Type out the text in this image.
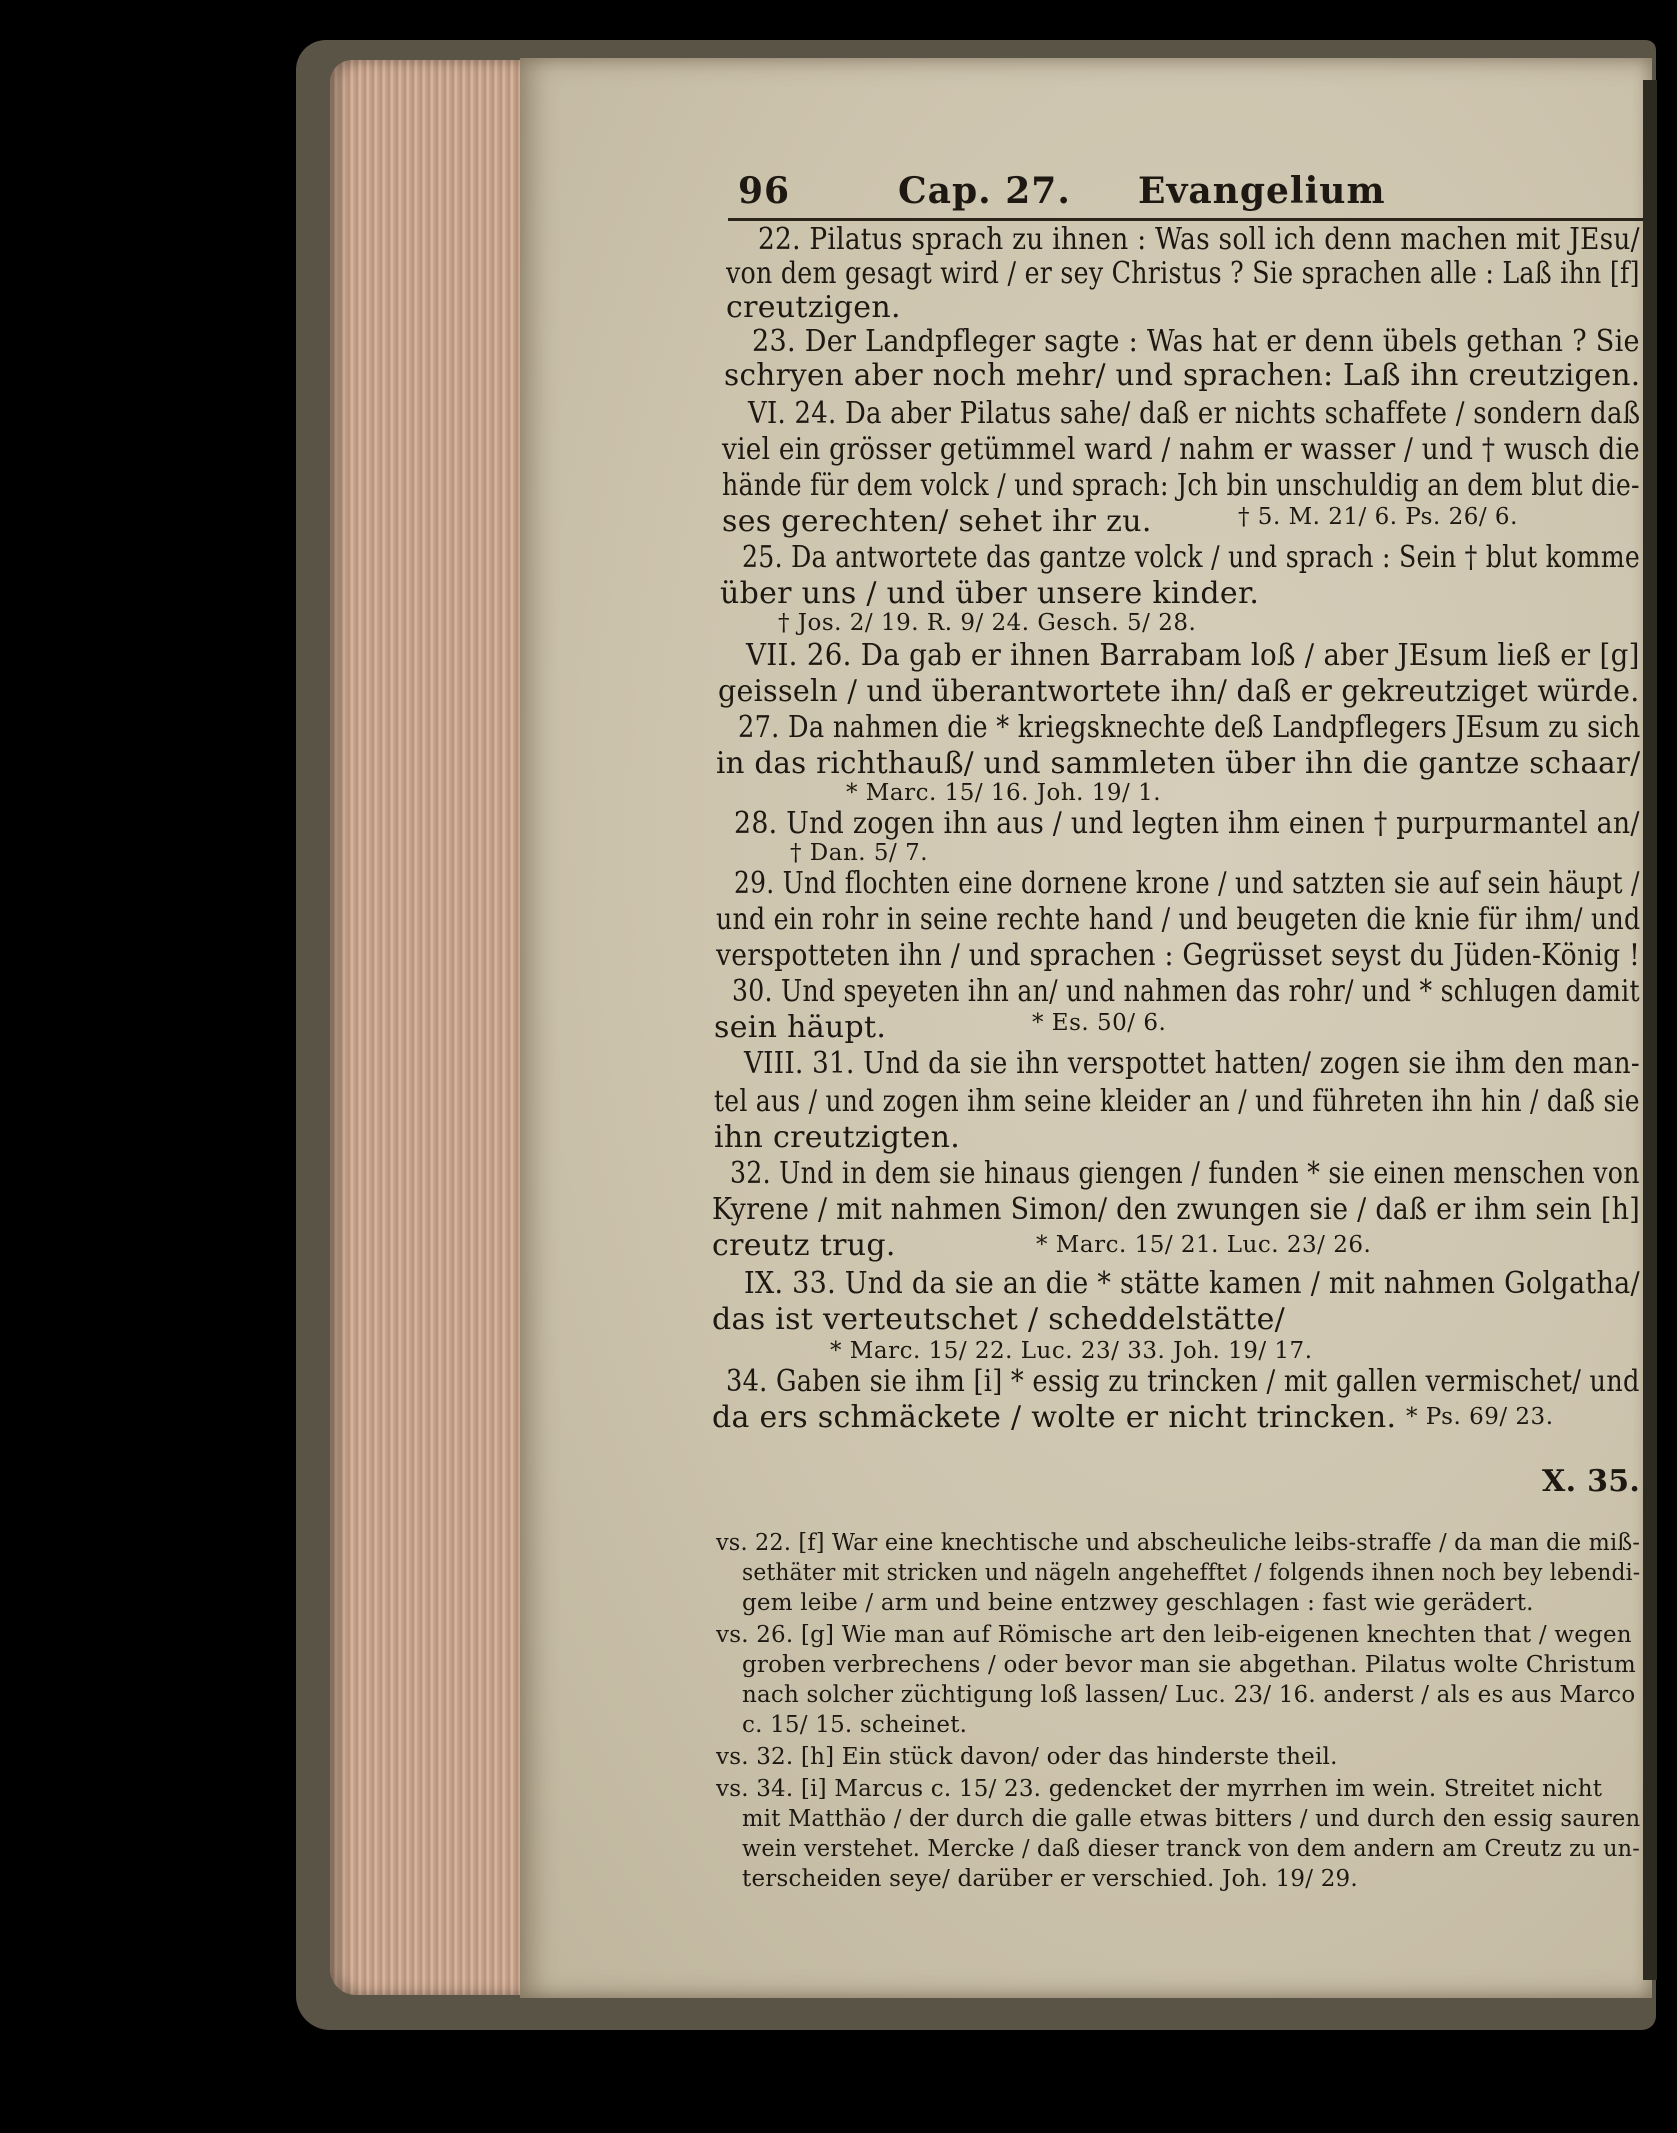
96	Cap. 27. Evangelium
22. Pilatus sprach zu ihnen : Was soll ich denn machen mit JEsu/
von dem gesagt wird / er sey Christus ? Sie sprachen alle : Laß ihn [f]
creutzigen.
23. Der Landpfleger sagte : Was hat er denn übels gethan ? Sie
schryen aber noch mehr/ und sprachen: Laß ihn creutzigen.
VI. 24. Da aber Pilatus sahe/ daß er nichts schaffete / sondern daß
viel ein grösser getümmel ward / nahm er wasser / und † wusch die
hände für dem volck / und sprach: Jch bin unschuldig an dem blut die-
ses gerechten/ sehet ihr zu.	† 5. M. 21/ 6. Ps. 26/ 6.
25. Da antwortete das gantze volck / und sprach : Sein † blut komme
über uns / und über unsere kinder.
† Jos. 2/ 19. R. 9/ 24. Gesch. 5/ 28.
VII. 26. Da gab er ihnen Barrabam loß / aber JEsum ließ er [g]
geisseln / und überantwortete ihn/ daß er gekreutziget würde.
27. Da nahmen die * kriegsknechte deß Landpflegers JEsum zu sich
in das richthauß/ und sammleten über ihn die gantze schaar/
* Marc. 15/ 16. Joh. 19/ 1.
28. Und zogen ihn aus / und legten ihm einen † purpurmantel an/
† Dan. 5/ 7.
29. Und flochten eine dornene krone / und satzten sie auf sein häupt /
und ein rohr in seine rechte hand / und beugeten die knie für ihm/ und
verspotteten ihn / und sprachen : Gegrüsset seyst du Jüden-König !
30. Und speyeten ihn an/ und nahmen das rohr/ und * schlugen damit
sein häupt.	* Es. 50/ 6.
VIII. 31. Und da sie ihn verspottet hatten/ zogen sie ihm den man-
tel aus / und zogen ihm seine kleider an / und führeten ihn hin / daß sie
ihn creutzigten.
32. Und in dem sie hinaus giengen / funden * sie einen menschen von
Kyrene / mit nahmen Simon/ den zwungen sie / daß er ihm sein [h]
creutz trug.	* Marc. 15/ 21. Luc. 23/ 26.
IX. 33. Und da sie an die * stätte kamen / mit nahmen Golgatha/
das ist verteutschet / scheddelstätte/
* Marc. 15/ 22. Luc. 23/ 33. Joh. 19/ 17.
34. Gaben sie ihm [i] * essig zu trincken / mit gallen vermischet/ und
da ers schmäckete / wolte er nicht trincken. * Ps. 69/ 23.
X. 35.
vs. 22. [f] War eine knechtische und abscheuliche leibs-straffe / da man die miß-
sethäter mit stricken und nägeln angehefftet / folgends ihnen noch bey lebendi-
gem leibe / arm und beine entzwey geschlagen : fast wie gerädert.
vs. 26. [g] Wie man auf Römische art den leib-eigenen knechten that / wegen
groben verbrechens / oder bevor man sie abgethan. Pilatus wolte Christum
nach solcher züchtigung loß lassen/ Luc. 23/ 16. anderst / als es aus Marco
c. 15/ 15. scheinet.
vs. 32. [h] Ein stück davon/ oder das hinderste theil.
vs. 34. [i] Marcus c. 15/ 23. gedencket der myrrhen im wein. Streitet nicht
mit Matthäo / der durch die galle etwas bitters / und durch den essig sauren
wein verstehet. Mercke / daß dieser tranck von dem andern am Creutz zu un-
terscheiden seye/ darüber er verschied. Joh. 19/ 29.
